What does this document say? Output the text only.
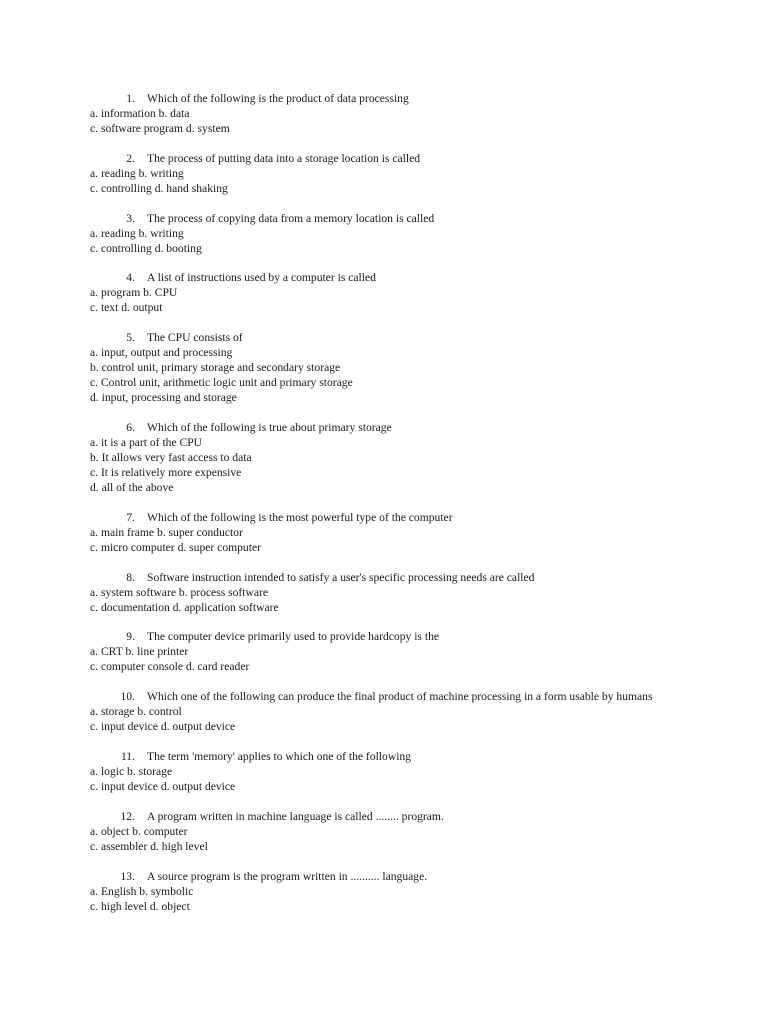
1.	Which of the following is the product of data processing
a. information b. data
c. software program d. system
2.	The process of putting data into a storage location is called
a. reading b. writing
c. controlling d. hand shaking
3.	The process of copying data from a memory location is called
a. reading b. writing
c. controlling d. booting
4.	A list of instructions used by a computer is called
a. program b. CPU
c. text d. output
5.	The CPU consists of
a. input, output and processing
b. control unit, primary storage and secondary storage
c. Control unit, arithmetic logic unit and primary storage
d. input, processing and storage
6.	Which of the following is true about primary storage
a. it is a part of the CPU
b. It allows very fast access to data
c. It is relatively more expensive
d. all of the above
7.	Which of the following is the most powerful type of the computer
a. main frame b. super conductor
c. micro computer d. super computer
8.	Software instruction intended to satisfy a user's specific processing needs are called
a. system software b. process software
c. documentation d. application software
9.	The computer device primarily used to provide hardcopy is the
a. CRT b. line printer
c. computer console d. card reader
10.	Which one of the following can produce the final product of machine processing in a form usable by humans
a. storage b. control
c. input device d. output device
11.	The term 'memory' applies to which one of the following
a. logic b. storage
c. input device d. output device
12.	A program written in machine language is called ........ program.
a. object b. computer
c. assembler d. high level
13.	A source program is the program written in .......... language.
a. English b. symbolic
c. high level d. object
